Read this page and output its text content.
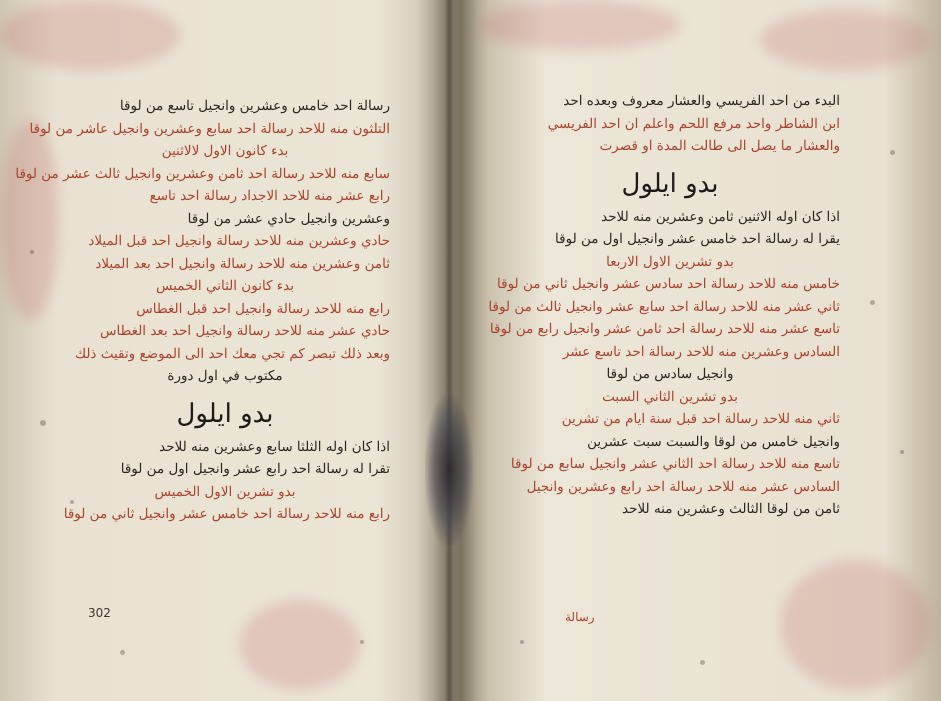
رسالة احد خامس وعشرين وانجيل تاسع من لوقا
التلثون منه للاحد رسالة احد سابع وعشرين وانجيل عاشر من لوقا
بدء كانون الاول لالاثنين
سابع منه للاحد رسالة احد ثامن وعشرين وانجيل ثالث عشر من لوقا
رابع عشر منه للاحد الاجداد رسالة احد تاسع
وعشرين وانجيل حادي عشر من لوقا
حادي وعشرين منه للاحد رسالة وانجيل احد قبل الميلاد
ثامن وعشرين منه للاحد رسالة وانجيل احد بعد الميلاد
بدء كانون الثاني الخميس
رابع منه للاحد رسالة وانجيل احد قبل الغطاس
حادي عشر منه للاحد رسالة وانجيل احد بعد الغطاس
وبعد ذلك تبصر كم تجي معك احد الى الموضع وتقيث ذلك
مكتوب في اول دورة
بدو ايلول
اذا كان اوله الثلثا سابع وعشرين منه للاحد
تقرا له رسالة احد رابع عشر وانجيل اول من لوقا
بدو تشرين الاول الخميس
رابع منه للاحد رسالة احد خامس عشر وانجيل ثاني من لوقا
البدء من احد الفريسي والعشار معروف وبعده احد
ابن الشاطر واحد مرفع اللحم واعلم ان احد الفريسي
والعشار ما يصل الى طالت المدة او قصرت
بدو ايلول
اذا كان اوله الاثنين ثامن وعشرين منه للاحد
يقرا له رسالة احد خامس عشر وانجيل اول من لوقا
بدو تشرين الاول الاربعا
خامس منه للاحد رسالة احد سادس عشر وانجيل ثاني من لوقا
ثاني عشر منه للاحد رسالة احد سابع عشر وانجيل ثالث من لوقا
تاسع عشر منه للاحد رسالة احد ثامن عشر وانجيل رابع من لوقا
السادس وعشرين منه للاحد رسالة احد تاسع عشر
وانجيل سادس من لوقا
بدو تشرين الثاني السبت
ثاني منه للاحد رسالة احد قبل سنة ايام من تشرين
وانجيل خامس من لوقا والسبت سبت عشرين
تاسع منه للاحد رسالة احد الثاني عشر وانجيل سابع من لوقا
السادس عشر منه للاحد رسالة احد رابع وعشرين وانجيل
ثامن من لوقا الثالث وعشرين منه للاحد
رسالة
302
